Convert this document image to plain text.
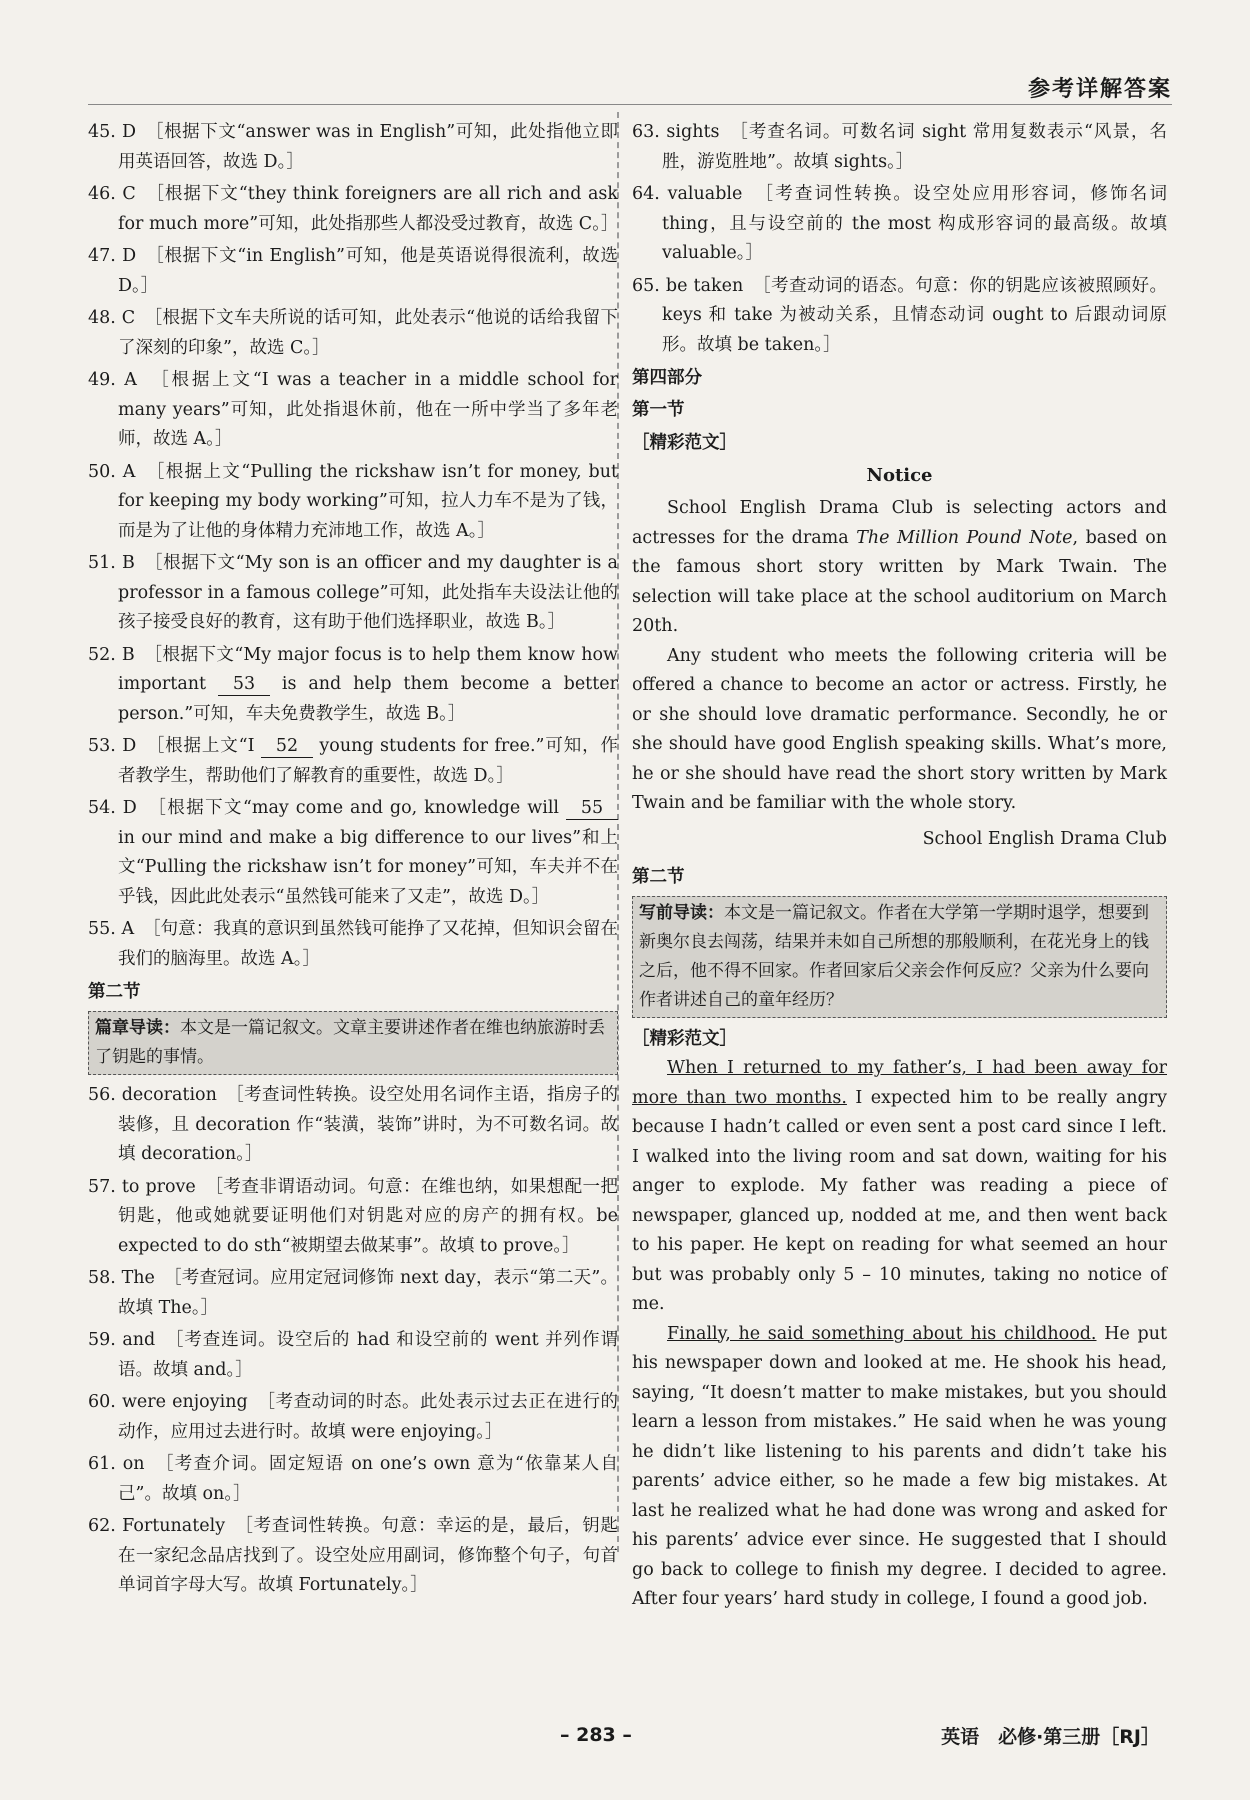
参考详解答案

45. D　 ［根据下文“answer was in English”可知，此处指他立即用英语回答，故选 D。］

46. C　 ［根据下文“they think foreigners are all rich and ask for much more”可知，此处指那些人都没受过教育，故选 C。］

47. D　 ［根据下文“in English”可知，他是英语说得很流利，故选 D。］

48. C　 ［根据下文车夫所说的话可知，此处表示“他说的话给我留下了深刻的印象”，故选 C。］

49. A　 ［根据上文“I was a teacher in a middle school for many years”可知，此处指退休前，他在一所中学当了多年老师，故选 A。］

50. A　 ［根据上文“Pulling the rickshaw isn’t for money, but for keeping my body working”可知，拉人力车不是为了钱，而是为了让他的身体精力充沛地工作，故选 A。］

51. B　 ［根据下文“My son is an officer and my daughter is a professor in a famous college”可知，此处指车夫设法让他的孩子接受良好的教育，这有助于他们选择职业，故选 B。］

52. B　 ［根据下文“My major focus is to help them know how important 53 is and help them become a better person.”可知，车夫免费教学生，故选 B。］

53. D　 ［根据上文“I 52 young students for free.”可知，作者教学生，帮助他们了解教育的重要性，故选 D。］

54. D　 ［根据下文“may come and go, knowledge will 55 in our mind and make a big difference to our lives”和上文“Pulling the rickshaw isn’t for money”可知，车夫并不在乎钱，因此此处表示“虽然钱可能来了又走”，故选 D。］

55. A　 ［句意：我真的意识到虽然钱可能挣了又花掉，但知识会留在我们的脑海里。故选 A。］

第二节
篇章导读：本文是一篇记叙文。文章主要讲述作者在维也纳旅游时丢了钥匙的事情。

56. decoration　 ［考查词性转换。设空处用名词作主语，指房子的装修，且 decoration 作“装潢，装饰”讲时，为不可数名词。故填 decoration。］

57. to prove　 ［考查非谓语动词。句意：在维也纳，如果想配一把钥匙，他或她就要证明他们对钥匙对应的房产的拥有权。be expected to do sth“被期望去做某事”。故填 to prove。］

58. The　 ［考查冠词。应用定冠词修饰 next day，表示“第二天”。故填 The。］

59. and　 ［考查连词。设空后的 had 和设空前的 went 并列作谓语。故填 and。］

60. were enjoying　 ［考查动词的时态。此处表示过去正在进行的动作，应用过去进行时。故填 were enjoying。］

61. on　 ［考查介词。固定短语 on one’s own 意为“依靠某人自己”。故填 on。］

62. Fortunately　 ［考查词性转换。句意：幸运的是，最后，钥匙在一家纪念品店找到了。设空处应用副词，修饰整个句子，句首单词首字母大写。故填 Fortunately。］

63. sights　 ［考查名词。可数名词 sight 常用复数表示“风景，名胜，游览胜地”。故填 sights。］

64. valuable　 ［考查词性转换。设空处应用形容词，修饰名词 thing，且与设空前的 the most 构成形容词的最高级。故填 valuable。］

65. be taken　 ［考查动词的语态。句意：你的钥匙应该被照顾好。keys 和 take 为被动关系，且情态动词 ought to 后跟动词原形。故填 be taken。］

第四部分
第一节
［精彩范文］
Notice

School English Drama Club is selecting actors and actresses for the drama The Million Pound Note, based on the famous short story written by Mark Twain. The selection will take place at the school auditorium on March 20th.

Any student who meets the following criteria will be offered a chance to become an actor or actress. Firstly, he or she should love dramatic performance. Secondly, he or she should have good English speaking skills. What’s more, he or she should have read the short story written by Mark Twain and be familiar with the whole story.

School English Drama Club

第二节
写前导读：本文是一篇记叙文。作者在大学第一学期时退学，想要到新奥尔良去闯荡，结果并未如自己所想的那般顺利，在花光身上的钱之后，他不得不回家。作者回家后父亲会作何反应？父亲为什么要向作者讲述自己的童年经历？
［精彩范文］

When I returned to my father’s, I had been away for more than two months. I expected him to be really angry because I hadn’t called or even sent a post card since I left. I walked into the living room and sat down, waiting for his anger to explode. My father was reading a piece of newspaper, glanced up, nodded at me, and then went back to his paper. He kept on reading for what seemed an hour but was probably only 5 – 10 minutes, taking no notice of me.

Finally, he said something about his childhood. He put his newspaper down and looked at me. He shook his head, saying, “It doesn’t matter to make mistakes, but you should learn a lesson from mistakes.” He said when he was young he didn’t like listening to his parents and didn’t take his parents’ advice either, so he made a few big mistakes. At last he realized what he had done was wrong and asked for his parents’ advice ever since. He suggested that I should go back to college to finish my degree. I decided to agree. After four years’ hard study in college, I found a good job.

– 283 –	英语　必修·第三册［RJ］
